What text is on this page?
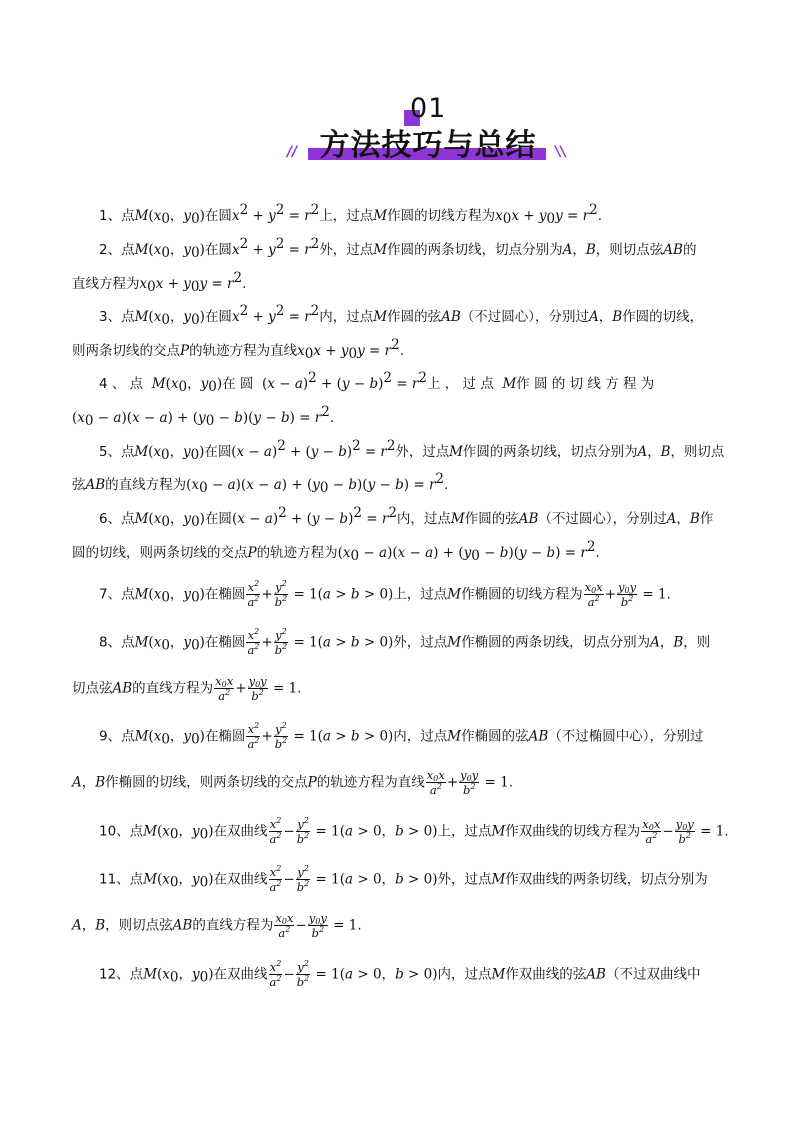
01
//	//
方法技巧与总结
1、点$M(x_0$，$y_0$)在圆$x^2 + y^2 = r^2$上，过点M作圆的切线方程为$x_0x + y_0y = r^2$.
2、点$M(x_0$，$y_0$)在圆$x^2 + y^2 = r^2$外，过点M作圆的两条切线，切点分别为A，B，则切点弦AB的
直线方程为$x_0x + y_0y = r^2$.
3、点$M(x_0$，$y_0$)在圆$x^2 + y^2 = r^2$内，过点M作圆的弦AB（不过圆心），分别过A，B作圆的切线，
则两条切线的交点P的轨迹方程为直线$x_0x + y_0y = r^2$.
4 、 点 $M(x_0$，$y_0$)在 圆 $(x - a)^2 + (y - b)^2 = r^2$上 ， 过 点 M作 圆 的 切 线 方 程 为
$(x_0 - a)(x - a) + (y_0 - b)(y - b) = r^2$.
5、点$M(x_0$，$y_0$)在圆$(x - a)^2 + (y - b)^2 = r^2$外，过点M作圆的两条切线，切点分别为A，B，则切点
弦AB的直线方程为$(x_0 - a)(x - a) + (y_0 - b)(y - b) = r^2$.
6、点$M(x_0$，$y_0$)在圆$(x - a)^2 + (y - b)^2 = r^2$内，过点M作圆的弦AB（不过圆心），分别过A，B作
圆的切线，则两条切线的交点P的轨迹方程为$(x_0 - a)(x - a) + (y_0 - b)(y - b) = r^2$.
7、点$M(x_0$，$y_0$)在椭圆 $\frac{x^2}{a^2} + \frac{y^2}{b^2} = 1(a > b > 0)$上，过点M作椭圆的切线方程为 $\frac{x_0x}{a^2} + \frac{y_0y}{b^2} = 1$.
8、点$M(x_0$，$y_0$)在椭圆 $\frac{x^2}{a^2} + \frac{y^2}{b^2} = 1(a > b > 0)$外，过点M作椭圆的两条切线，切点分别为A，B，则
切点弦AB的直线方程为 $\frac{x_0x}{a^2} + \frac{y_0y}{b^2} = 1$.
9、点$M(x_0$，$y_0$)在椭圆 $\frac{x^2}{a^2} + \frac{y^2}{b^2} = 1(a > b > 0)$内，过点M作椭圆的弦AB（不过椭圆中心），分别过
A，B作椭圆的切线，则两条切线的交点P的轨迹方程为直线 $\frac{x_0x}{a^2} + \frac{y_0y}{b^2} = 1$.
10、点$M(x_0$，$y_0$)在双曲线 $\frac{x^2}{a^2} - \frac{y^2}{b^2} = 1(a > 0$，b > 0)上，过点M作双曲线的切线方程为 $\frac{x_0x}{a^2} - \frac{y_0y}{b^2} = 1$.
11、点$M(x_0$，$y_0$)在双曲线 $\frac{x^2}{a^2} - \frac{y^2}{b^2} = 1(a > 0$，b > 0)外，过点M作双曲线的两条切线，切点分别为
A，B，则切点弦AB的直线方程为 $\frac{x_0x}{a^2} - \frac{y_0y}{b^2} = 1$.
12、点$M(x_0$，$y_0$)在双曲线 $\frac{x^2}{a^2} - \frac{y^2}{b^2} = 1(a > 0$，b > 0)内，过点M作双曲线的弦AB（不过双曲线中
